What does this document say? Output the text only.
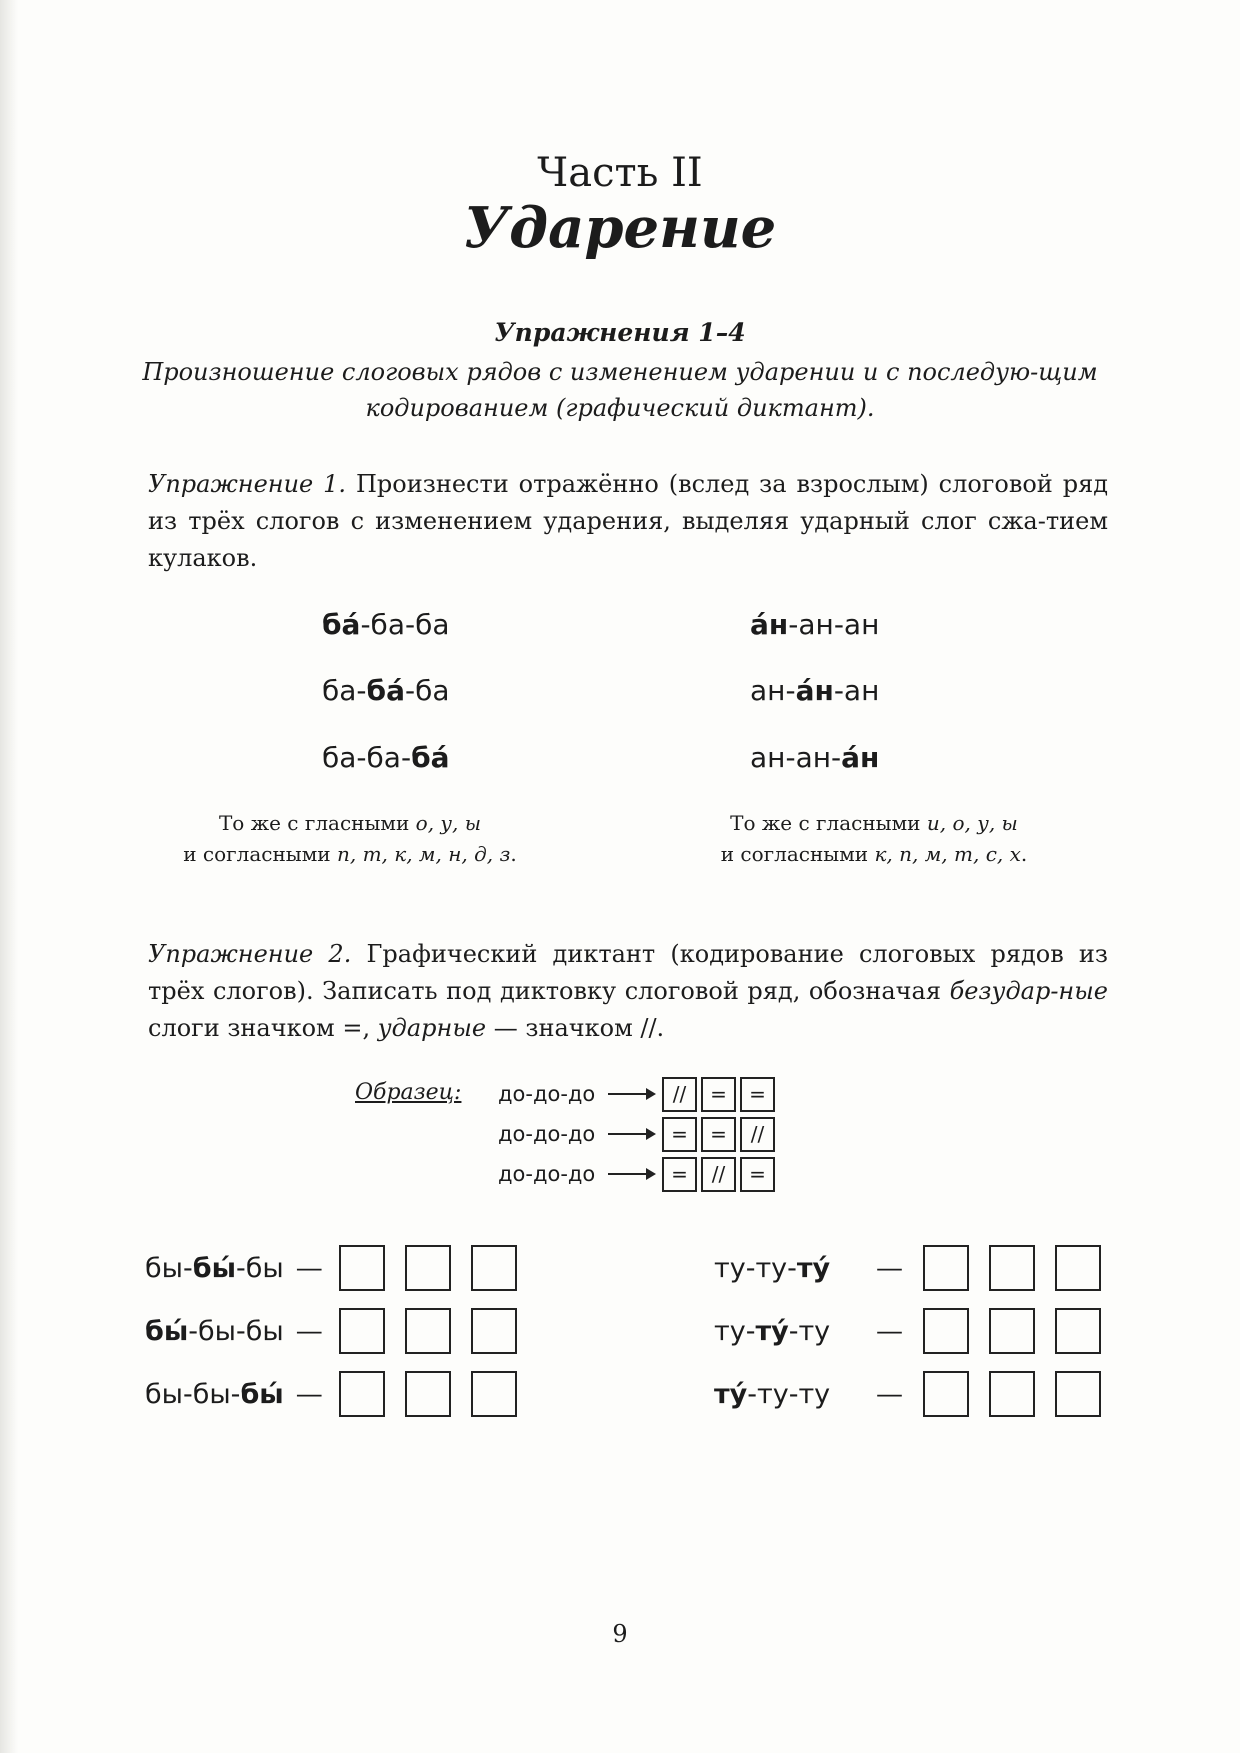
Часть II
Ударение
Упражнения 1–4
Произношение слоговых рядов с изменением ударении и с последую-щим кодированием (графический диктант).
Упражнение 1. Произнести отражённо (вслед за взрослым) слоговой ряд из трёх слогов с изменением ударения, выделяя ударный слог сжа-тием кулаков.
ба́-ба-ба
ба-ба́-ба
ба-ба-ба́
а́н-ан-ан
ан-а́н-ан
ан-ан-а́н
То же с гласными о, у, ы
и согласными п, т, к, м, н, д, з.
То же с гласными и, о, у, ы
и согласными к, п, м, т, с, х.
Упражнение 2. Графический диктант (кодирование слоговых рядов из трёх слогов). Записать под диктовку слоговой ряд, обозначая безудар-ные слоги значком =, ударные — значком //.
Образец: до-до-до	//	=	=
до-до-до	=	=	//
до-до-до	=	//	=
бы-бы́-бы —
бы́-бы-бы —
бы-бы-бы́ —
ту-ту-ту́	—
ту-ту́-ту	—
ту́-ту-ту	—
9
